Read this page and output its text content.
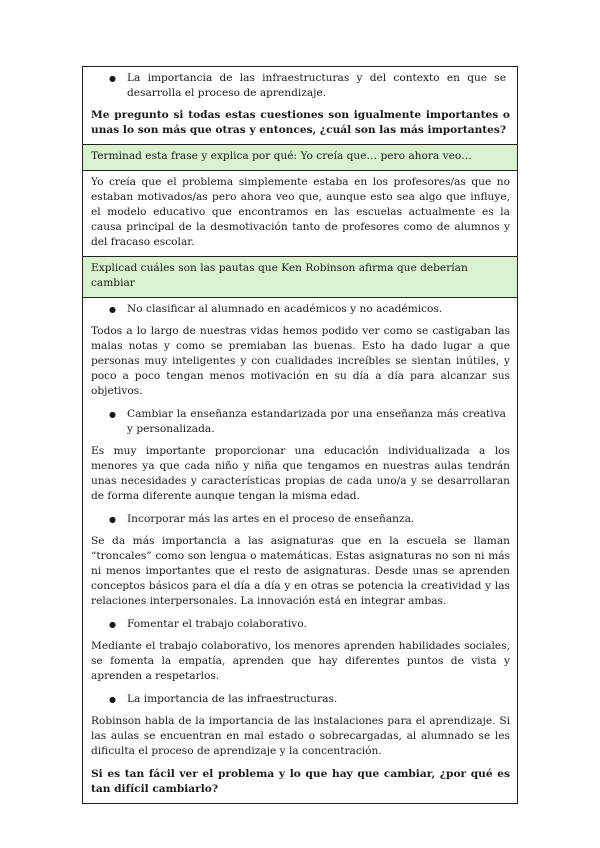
●	La importancia de las infraestructuras y del contexto en que se desarrolla el proceso de aprendizaje.

Me pregunto si todas estas cuestiones son igualmente importantes o unas lo son más que otras y entonces, ¿cuál son las más importantes?

Terminad esta frase y explica por qué: Yo creía que… pero ahora veo…

Yo creía que el problema simplemente estaba en los profesores/as que no estaban motivados/as pero ahora veo que, aunque esto sea algo que influye, el modelo educativo que encontramos en las escuelas actualmente es la causa principal de la desmotivación tanto de profesores como de alumnos y del fracaso escolar.

Explicad cuáles son las pautas que Ken Robinson afirma que deberían cambiar

●	No clasificar al alumnado en académicos y no académicos.

Todos a lo largo de nuestras vidas hemos podido ver como se castigaban las malas notas y como se premiaban las buenas. Esto ha dado lugar a que personas muy inteligentes y con cualidades increíbles se sientan inútiles, y poco a poco tengan menos motivación en su día a día para alcanzar sus objetivos.

●	Cambiar la enseñanza estandarizada por una enseñanza más creativa y personalizada.

Es muy importante proporcionar una educación individualizada a los menores ya que cada niño y niña que tengamos en nuestras aulas tendrán unas necesidades y características propias de cada uno/a y se desarrollaran de forma diferente aunque tengan la misma edad.

●	Incorporar más las artes en el proceso de enseñanza.

Se da más importancia a las asignaturas que en la escuela se llaman “troncales” como son lengua o matemáticas. Estas asignaturas no son ni más ni menos importantes que el resto de asignaturas. Desde unas se aprenden conceptos básicos para el día a día y en otras se potencia la creatividad y las relaciones interpersonales. La innovación está en integrar ambas.

●	Fomentar el trabajo colaborativo.

Mediante el trabajo colaborativo, los menores aprenden habilidades sociales, se fomenta la empatía, aprenden que hay diferentes puntos de vista y aprenden a respetarlos.

●	La importancia de las infraestructuras.

Robinson habla de la importancia de las instalaciones para el aprendizaje. Si las aulas se encuentran en mal estado o sobrecargadas, al alumnado se les dificulta el proceso de aprendizaje y la concentración.

Si es tan fácil ver el problema y lo que hay que cambiar, ¿por qué es tan difícil cambiarlo?
